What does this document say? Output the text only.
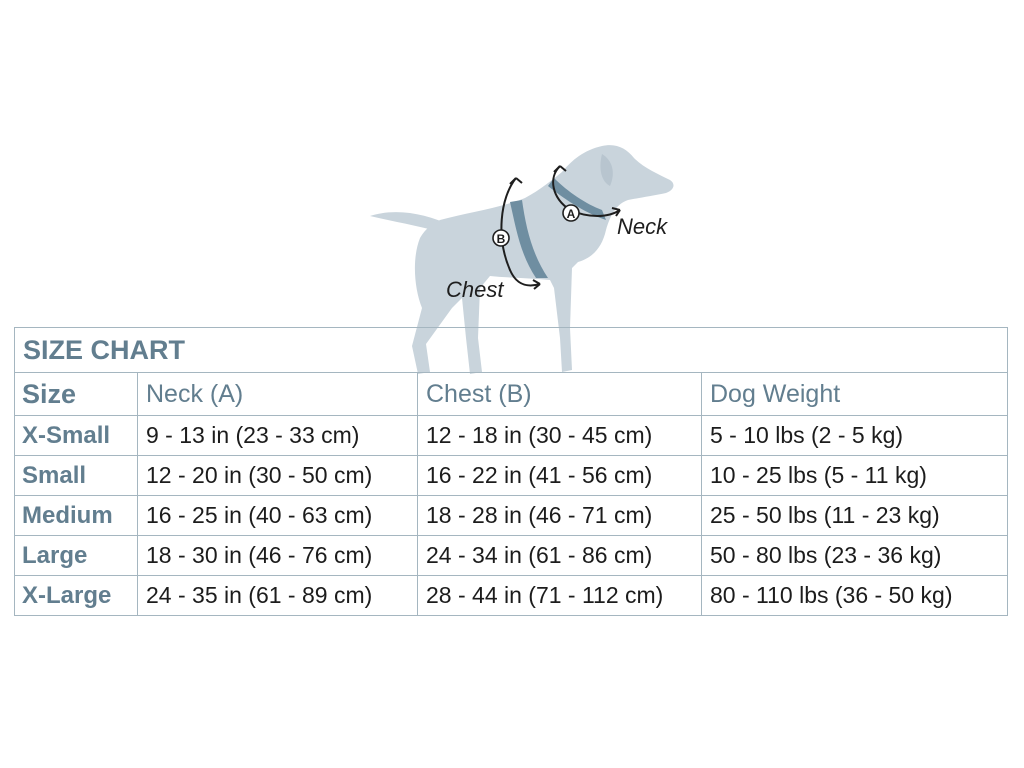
A
B	Neck
Chest
SIZE CHART			
Size	Neck (A)	Chest (B)	Dog Weight
X-Small	9 - 13 in (23 - 33 cm)	12 - 18 in (30 - 45 cm)	5 - 10 lbs (2 - 5 kg)
Small	12 - 20 in (30 - 50 cm)	16 - 22 in (41 - 56 cm)	10 - 25 lbs (5 - 11 kg)
Medium	16 - 25 in (40 - 63 cm)	18 - 28 in (46 - 71 cm)	25 - 50 lbs (11 - 23 kg)
Large	18 - 30 in (46 - 76 cm)	24 - 34 in (61 - 86 cm)	50 - 80 lbs (23 - 36 kg)
X-Large	24 - 35 in (61 - 89 cm)	28 - 44 in (71 - 112 cm)	80 - 110 lbs (36 - 50 kg)
